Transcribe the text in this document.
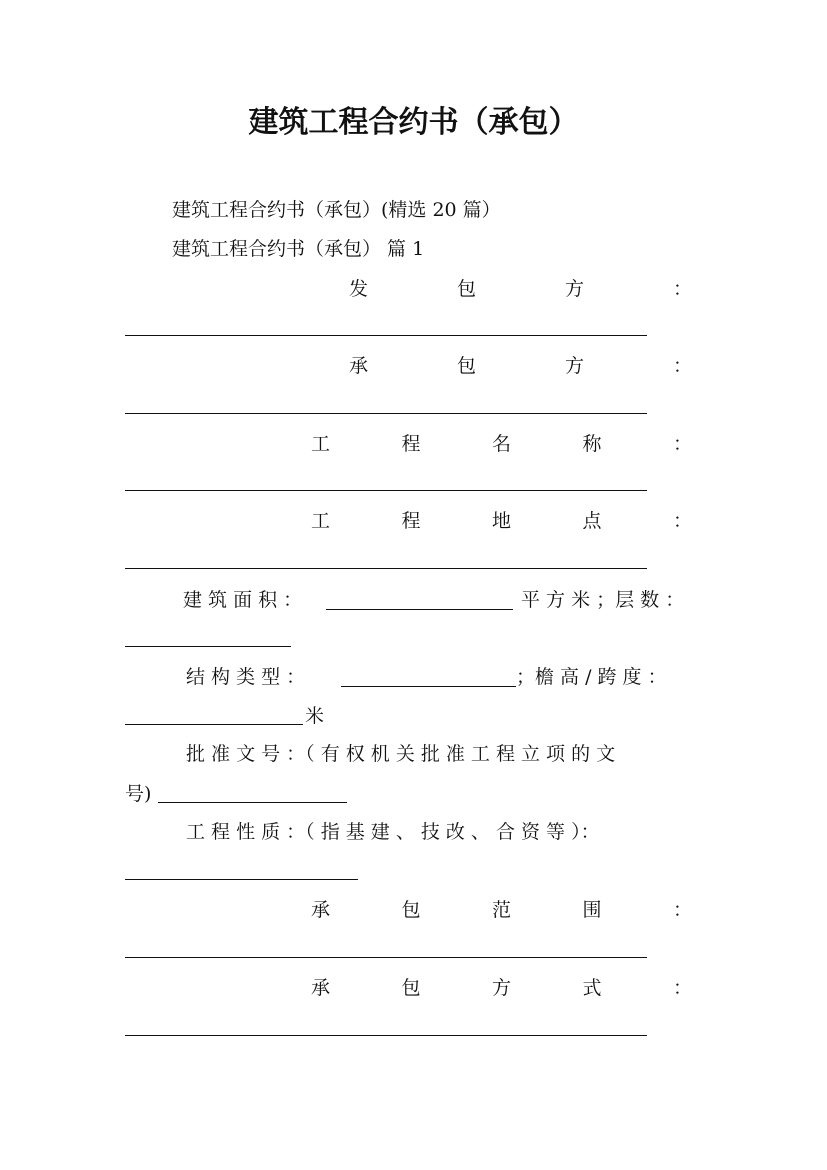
建筑工程合约书（承包）
建筑工程合约书（承包）(精选 20 篇）
建筑工程合约书（承包） 篇 1
发	包	方	：
承	包	方	：
工	程	名	称	：
工	程	地	点	：
建 筑 面 积 ：	平 方 米 ；层 数 ：
结 构 类 型 ：	；檐 高 / 跨 度 ：
米
批 准 文 号 ：（ 有 权 机 关 批 准 工 程 立 项 的 文
号)
工 程 性 质 ：（ 指 基 建 、 技 改 、 合 资 等 ）：
承	包	范	围	：
承	包	方	式	：
